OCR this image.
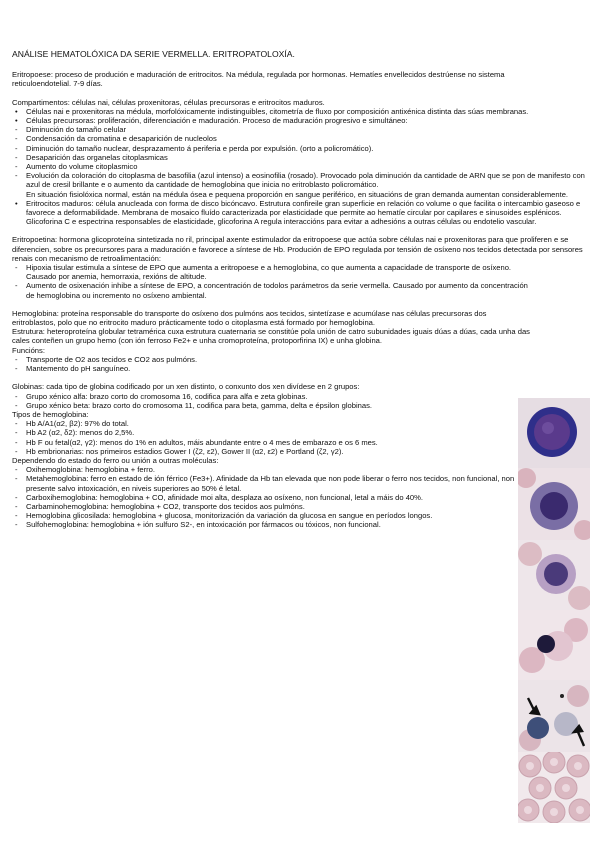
ANÁLISE HEMATOLÓXICA DA SERIE VERMELLA. ERITROPATOLOXÍA.

Eritropoese: proceso de produción e maduración de eritrocitos. Na médula, regulada por hormonas. Hematíes envellecidos destrúense no sistema reticuloendotelial. 7-9 días.

Compartimentos: células nai, células proxenitoras, células precursoras e eritrocitos maduros.

• Células nai e proxenitoras na médula, morfolóxicamente indistinguibles, citometría de fluxo por composición antixénica distinta das súas membranas.
• Células precursoras: proliferación, diferenciación e maduración. Proceso de maduración progresivo e simultáneo:
- Diminución do tamaño celular
- Condensación da cromatina e desaparición de nucleolos
- Diminución do tamaño nuclear, desprazamento á periferia e perda por expulsión. (orto a policromático).
- Desaparición das organelas citoplasmicas
- Aumento do volume citoplasmico
- Evolución da coloración do citoplasma de basofilia (azul intenso) a eosinofilia (rosado). Provocado pola diminución da cantidade de ARN que se pon de manifesto con azul de cresil brillante e o aumento da cantidade de hemoglobina que inicia no eritroblasto policromático.

En situación fisiolóxica normal, están na médula ósea e pequena proporción en sangue periférico, en situacións de gran demanda aumentan considerablemente.

• Eritrocitos maduros: célula anucleada con forma de disco bicóncavo. Estrutura confireile gran superficie en relación co volume o que facilita o intercambio gaseoso e favorece a deformabilidade. Membrana de mosaico fluído caracterizada por elasticidade que permite ao hematíe circular por capilares e sinusoides esplénicos. Glicoforina C e espectrina responsables de elasticidade, glicoforina A regula interaccións para evitar a adhesións a outras células ou endotelio vascular.

Eritropoetina: hormona glicoproteína sintetizada no ril, principal axente estimulador da eritropoese que actúa sobre células nai e proxenitoras para que proliferen e se diferencien, sobre os precursores para a maduración e favorece a síntese de Hb. Produción de EPO regulada por tensión de osíxeno nos tecidos detectada por sensores renais con mecanismo de retroalimentación:

- Hipoxia tisular estimula a síntese de EPO que aumenta a eritropoese e a hemoglobina, co que aumenta a capacidade de transporte de osíxeno. Causado por anemia, hemorraxia, rexións de altitude.
- Aumento de osixenación inhibe a síntese de EPO, a concentración de todolos parámetros da serie vermella. Causado por aumento da concentración de hemoglobina ou incremento no osíxeno ambiental.

Hemoglobina: proteína responsable do transporte do osíxeno dos pulmóns aos tecidos, sintetízase e acumúlase nas células precursoras dos eritroblastos, polo que no eritrocito maduro prácticamente todo o citoplasma está formado por hemoglobina.

Estrutura: heteroproteína globular tetramérica cuxa estrutura cuaternaria se constitúe pola unión de catro subunidades iguais dúas a dúas, cada unha das cales conteñen un grupo hemo (con ión ferroso Fe2+ e unha cromoproteína, protoporfirina IX) e unha globina.

Funcións:

- Transporte de O2 aos tecidos e CO2 aos pulmóns.
- Mantemento do pH sanguíneo.

Globinas: cada tipo de globina codificado por un xen distinto, o conxunto dos xen divídese en 2 grupos:

- Grupo xénico alfa: brazo corto do cromosoma 16, codifica para alfa e zeta globinas.
- Grupo xénico beta: brazo corto do cromosoma 11, codifica para beta, gamma, delta e épsilon globinas.

Tipos de hemoglobina:

- Hb A/A1(α2, β2): 97% do total.
- Hb A2 (α2, δ2): menos do 2,5%.
- Hb F ou fetal(α2, γ2): menos do 1% en adultos, máis abundante entre o 4 mes de embarazo e os 6 mes.
- Hb embrionarias: nos primeiros estadios Gower I (ζ2, ε2), Gower II (α2, ε2) e Portland (ζ2, γ2).

Dependendo do estado do ferro ou unión a outras moléculas:

- Oxihemoglobina: hemoglobina + ferro.
- Metahemoglobina: ferro en estado de ión férrico (Fe3+). Afinidade da Hb tan elevada que non pode liberar o ferro nos tecidos, non funcional, non presente salvo intoxicación, en niveis superiores ao 50% é letal.
- Carboxihemoglobina: hemoglobina + CO, afinidade moi alta, desplaza ao osíxeno, non funcional, letal a máis do 40%.
- Carbaminohemoglobina: hemoglobina + CO2, transporte dos tecidos aos pulmóns.
- Hemoglobina glicosilada: hemoglobina + glucosa, monitorización da variación da glucosa en sangue en períodos longos.
- Sulfohemoglobina: hemoglobina + ión sulfuro S2-, en intoxicación por fármacos ou tóxicos, non funcional.
